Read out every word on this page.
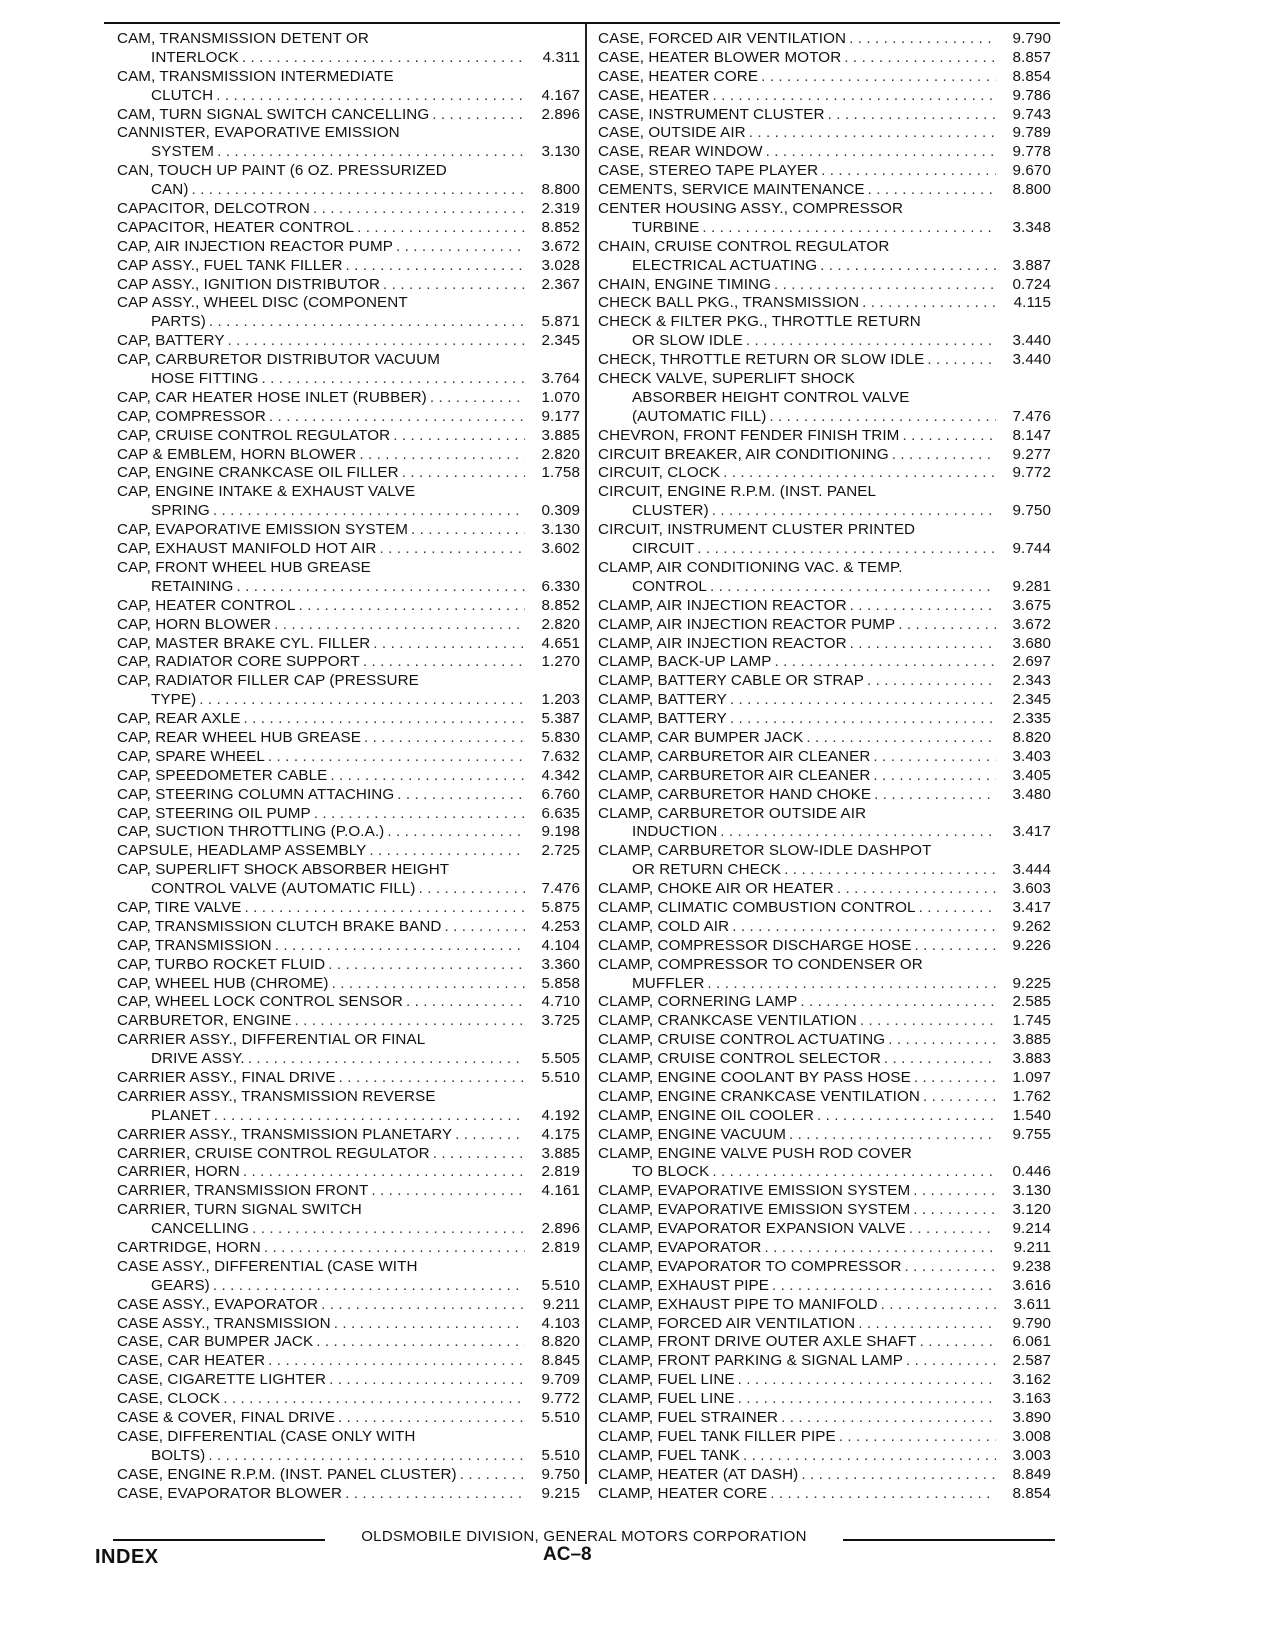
CAM, TRANSMISSION DETENT OR
INTERLOCK . . .	4.311
CAM, TRANSMISSION INTERMEDIATE
CLUTCH . . .	4.167
CAM, TURN SIGNAL SWITCH CANCELLING . . .	2.896
CANNISTER, EVAPORATIVE EMISSION
SYSTEM . . .	3.130
CAN, TOUCH UP PAINT (6 OZ. PRESSURIZED
CAN) . . .	8.800
CAPACITOR, DELCOTRON . . .	2.319
CAPACITOR, HEATER CONTROL . . .	8.852
CAP, AIR INJECTION REACTOR PUMP . . .	3.672
CAP ASSY., FUEL TANK FILLER . . .	3.028
CAP ASSY., IGNITION DISTRIBUTOR . . .	2.367
CAP ASSY., WHEEL DISC (COMPONENT
PARTS) . . .	5.871
CAP, BATTERY . . .	2.345
CAP, CARBURETOR DISTRIBUTOR VACUUM
HOSE FITTING . . .	3.764
CAP, CAR HEATER HOSE INLET (RUBBER) . . .	1.070
CAP, COMPRESSOR . . .	9.177
CAP, CRUISE CONTROL REGULATOR . . .	3.885
CAP & EMBLEM, HORN BLOWER . . .	2.820
CAP, ENGINE CRANKCASE OIL FILLER . . .	1.758
CAP, ENGINE INTAKE & EXHAUST VALVE
SPRING . . .	0.309
CAP, EVAPORATIVE EMISSION SYSTEM . . .	3.130
CAP, EXHAUST MANIFOLD HOT AIR . . .	3.602
CAP, FRONT WHEEL HUB GREASE
RETAINING . . .	6.330
CAP, HEATER CONTROL . . .	8.852
CAP, HORN BLOWER . . .	2.820
CAP, MASTER BRAKE CYL. FILLER . . .	4.651
CAP, RADIATOR CORE SUPPORT . . .	1.270
CAP, RADIATOR FILLER CAP (PRESSURE
TYPE) . . .	1.203
CAP, REAR AXLE . . .	5.387
CAP, REAR WHEEL HUB GREASE . . .	5.830
CAP, SPARE WHEEL . . .	7.632
CAP, SPEEDOMETER CABLE . . .	4.342
CAP, STEERING COLUMN ATTACHING . . .	6.760
CAP, STEERING OIL PUMP . . .	6.635
CAP, SUCTION THROTTLING (P.O.A.) . . .	9.198
CAPSULE, HEADLAMP ASSEMBLY . . .	2.725
CAP, SUPERLIFT SHOCK ABSORBER HEIGHT
CONTROL VALVE (AUTOMATIC FILL) . . .	7.476
CAP, TIRE VALVE . . .	5.875
CAP, TRANSMISSION CLUTCH BRAKE BAND . . .	4.253
CAP, TRANSMISSION . . .	4.104
CAP, TURBO ROCKET FLUID . . .	3.360
CAP, WHEEL HUB (CHROME) . . .	5.858
CAP, WHEEL LOCK CONTROL SENSOR . . .	4.710
CARBURETOR, ENGINE . . .	3.725
CARRIER ASSY., DIFFERENTIAL OR FINAL
DRIVE ASSY. . . .	5.505
CARRIER ASSY., FINAL DRIVE . . .	5.510
CARRIER ASSY., TRANSMISSION REVERSE
PLANET . . .	4.192
CARRIER ASSY., TRANSMISSION PLANETARY . . .	4.175
CARRIER, CRUISE CONTROL REGULATOR . . .	3.885
CARRIER, HORN . . .	2.819
CARRIER, TRANSMISSION FRONT . . .	4.161
CARRIER, TURN SIGNAL SWITCH
CANCELLING . . .	2.896
CARTRIDGE, HORN . . .	2.819
CASE ASSY., DIFFERENTIAL (CASE WITH
GEARS) . . .	5.510
CASE ASSY., EVAPORATOR . . .	9.211
CASE ASSY., TRANSMISSION . . .	4.103
CASE, CAR BUMPER JACK . . .	8.820
CASE, CAR HEATER . . .	8.845
CASE, CIGARETTE LIGHTER . . .	9.709
CASE, CLOCK . . .	9.772
CASE & COVER, FINAL DRIVE . . .	5.510
CASE, DIFFERENTIAL (CASE ONLY WITH
BOLTS) . . .	5.510
CASE, ENGINE R.P.M. (INST. PANEL CLUSTER) . . .	9.750
CASE, EVAPORATOR BLOWER . . .	9.215
CASE, FORCED AIR VENTILATION . . .	9.790
CASE, HEATER BLOWER MOTOR . . .	8.857
CASE, HEATER CORE . . .	8.854
CASE, HEATER . . .	9.786
CASE, INSTRUMENT CLUSTER . . .	9.743
CASE, OUTSIDE AIR . . .	9.789
CASE, REAR WINDOW . . .	9.778
CASE, STEREO TAPE PLAYER . . .	9.670
CEMENTS, SERVICE MAINTENANCE . . .	8.800
CENTER HOUSING ASSY., COMPRESSOR
TURBINE . . .	3.348
CHAIN, CRUISE CONTROL REGULATOR
ELECTRICAL ACTUATING . . .	3.887
CHAIN, ENGINE TIMING . . .	0.724
CHECK BALL PKG., TRANSMISSION . . .	4.115
CHECK & FILTER PKG., THROTTLE RETURN
OR SLOW IDLE . . .	3.440
CHECK, THROTTLE RETURN OR SLOW IDLE . . .	3.440
CHECK VALVE, SUPERLIFT SHOCK
ABSORBER HEIGHT CONTROL VALVE
(AUTOMATIC FILL) . . .	7.476
CHEVRON, FRONT FENDER FINISH TRIM . . .	8.147
CIRCUIT BREAKER, AIR CONDITIONING . . .	9.277
CIRCUIT, CLOCK . . .	9.772
CIRCUIT, ENGINE R.P.M. (INST. PANEL
CLUSTER) . . .	9.750
CIRCUIT, INSTRUMENT CLUSTER PRINTED
CIRCUIT . . .	9.744
CLAMP, AIR CONDITIONING VAC. & TEMP.
CONTROL . . .	9.281
CLAMP, AIR INJECTION REACTOR . . .	3.675
CLAMP, AIR INJECTION REACTOR PUMP . . .	3.672
CLAMP, AIR INJECTION REACTOR . . .	3.680
CLAMP, BACK-UP LAMP . . .	2.697
CLAMP, BATTERY CABLE OR STRAP . . .	2.343
CLAMP, BATTERY . . .	2.345
CLAMP, BATTERY . . .	2.335
CLAMP, CAR BUMPER JACK . . .	8.820
CLAMP, CARBURETOR AIR CLEANER . . .	3.403
CLAMP, CARBURETOR AIR CLEANER . . .	3.405
CLAMP, CARBURETOR HAND CHOKE . . .	3.480
CLAMP, CARBURETOR OUTSIDE AIR
INDUCTION . . .	3.417
CLAMP, CARBURETOR SLOW-IDLE DASHPOT
OR RETURN CHECK . . .	3.444
CLAMP, CHOKE AIR OR HEATER . . .	3.603
CLAMP, CLIMATIC COMBUSTION CONTROL . . .	3.417
CLAMP, COLD AIR . . .	9.262
CLAMP, COMPRESSOR DISCHARGE HOSE . . .	9.226
CLAMP, COMPRESSOR TO CONDENSER OR
MUFFLER . . .	9.225
CLAMP, CORNERING LAMP . . .	2.585
CLAMP, CRANKCASE VENTILATION . . .	1.745
CLAMP, CRUISE CONTROL ACTUATING . . .	3.885
CLAMP, CRUISE CONTROL SELECTOR . . .	3.883
CLAMP, ENGINE COOLANT BY PASS HOSE . . .	1.097
CLAMP, ENGINE CRANKCASE VENTILATION . . .	1.762
CLAMP, ENGINE OIL COOLER . . .	1.540
CLAMP, ENGINE VACUUM . . .	9.755
CLAMP, ENGINE VALVE PUSH ROD COVER
TO BLOCK . . .	0.446
CLAMP, EVAPORATIVE EMISSION SYSTEM . . .	3.130
CLAMP, EVAPORATIVE EMISSION SYSTEM . . .	3.120
CLAMP, EVAPORATOR EXPANSION VALVE . . .	9.214
CLAMP, EVAPORATOR . . .	9.211
CLAMP, EVAPORATOR TO COMPRESSOR . . .	9.238
CLAMP, EXHAUST PIPE . . .	3.616
CLAMP, EXHAUST PIPE TO MANIFOLD . . .	3.611
CLAMP, FORCED AIR VENTILATION . . .	9.790
CLAMP, FRONT DRIVE OUTER AXLE SHAFT . . .	6.061
CLAMP, FRONT PARKING & SIGNAL LAMP . . .	2.587
CLAMP, FUEL LINE . . .	3.162
CLAMP, FUEL LINE . . .	3.163
CLAMP, FUEL STRAINER . . .	3.890
CLAMP, FUEL TANK FILLER PIPE . . .	3.008
CLAMP, FUEL TANK . . .	3.003
CLAMP, HEATER (AT DASH) . . .	8.849
CLAMP, HEATER CORE . . .	8.854
OLDSMOBILE DIVISION, GENERAL MOTORS CORPORATION
INDEX	AC–8
